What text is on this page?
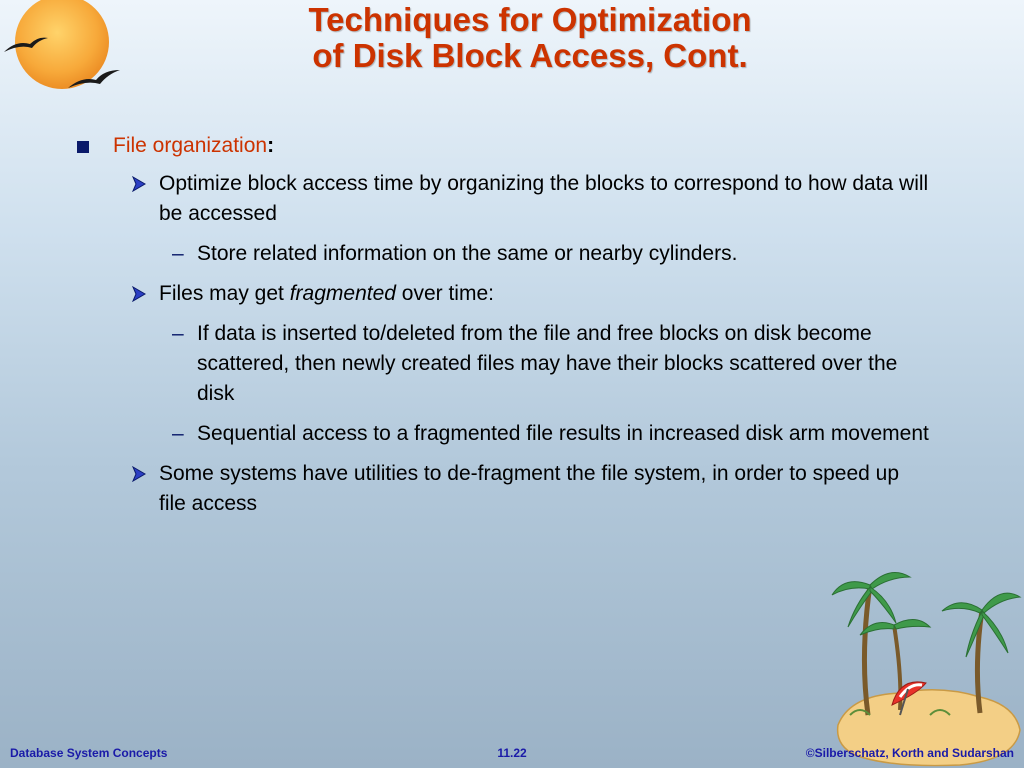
Techniques for Optimization
of Disk Block Access, Cont.
File organization:
Optimize block access time by organizing the blocks to correspond to how data will be accessed
– Store related information on the same or nearby cylinders.
Files may get fragmented over time:
– If data is inserted to/deleted from the file and free blocks on disk become scattered, then newly created files may have their blocks scattered over the disk
– Sequential access to a fragmented file results in increased disk arm movement
Some systems have utilities to de-fragment the file system, in order to speed up file access
Database System Concepts	11.22	©Silberschatz, Korth and Sudarshan
